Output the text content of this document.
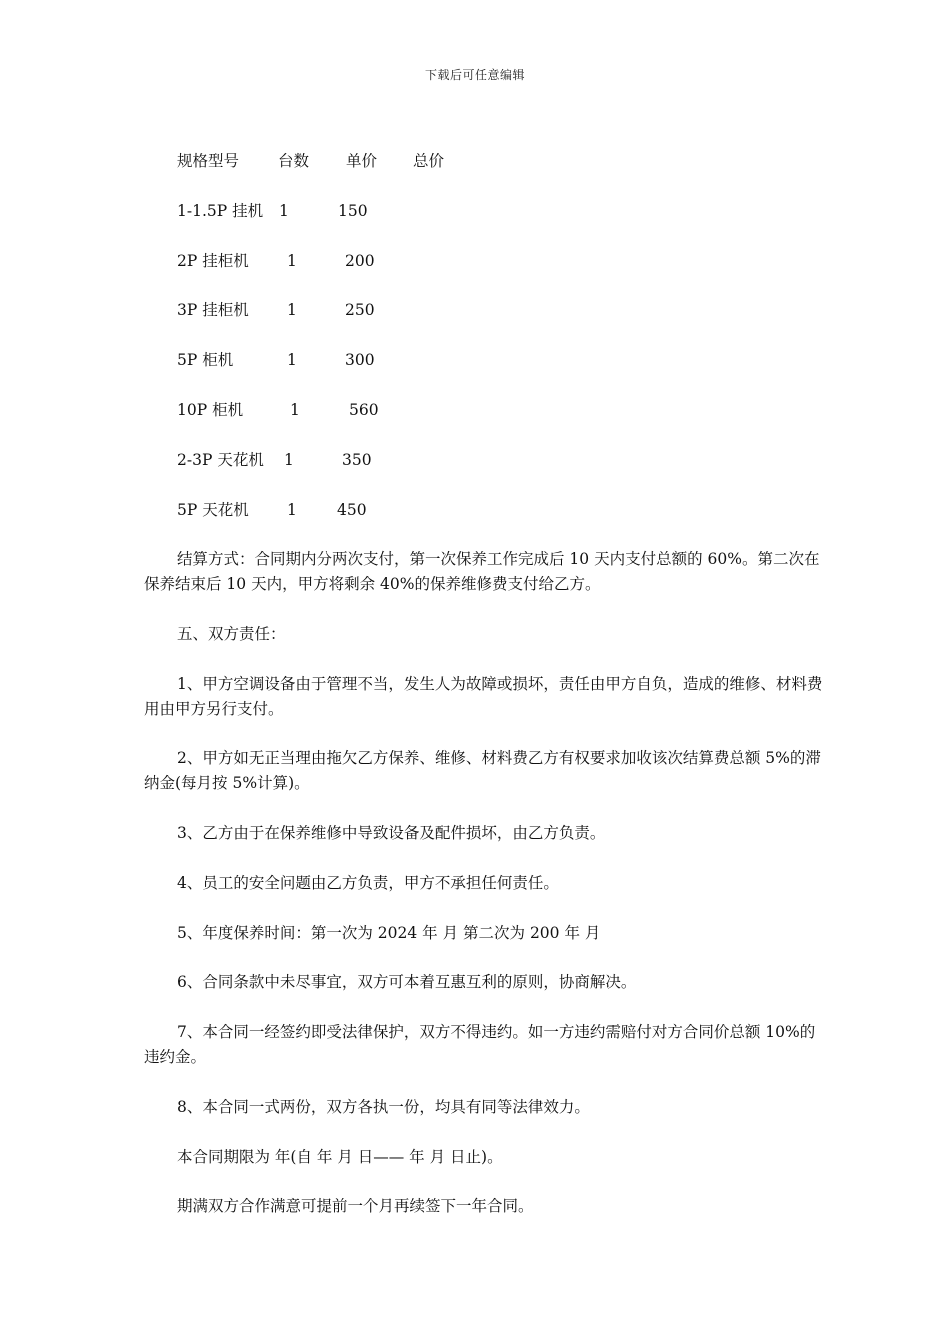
下载后可任意编辑
规格型号	台数 单价 总价
1-1.5P 挂机 1	150
2P 挂柜机 1	200
3P 挂柜机 1	250
5P 柜机	1	300
10P 柜机	1	560
2-3P 天花机 1	350
5P 天花机 1	450
结算方式：合同期内分两次支付，第一次保养工作完成后 10 天内支付总额的 60%。第二次在保养结束后 10 天内，甲方将剩余 40%的保养维修费支付给乙方。
五、双方责任：
1、甲方空调设备由于管理不当，发生人为故障或损坏，责任由甲方自负，造成的维修、材料费用由甲方另行支付。
2、甲方如无正当理由拖欠乙方保养、维修、材料费乙方有权要求加收该次结算费总额 5%的滞纳金(每月按 5%计算)。
3、乙方由于在保养维修中导致设备及配件损坏，由乙方负责。
4、员工的安全问题由乙方负责，甲方不承担任何责任。
5、年度保养时间：第一次为 2024 年 月 第二次为 200 年 月
6、合同条款中未尽事宜，双方可本着互惠互利的原则，协商解决。
7、本合同一经签约即受法律保护，双方不得违约。如一方违约需赔付对方合同价总额 10%的违约金。
8、本合同一式两份，双方各执一份，均具有同等法律效力。
本合同期限为 年(自 年 月 日—— 年 月 日止)。
期满双方合作满意可提前一个月再续签下一年合同。
